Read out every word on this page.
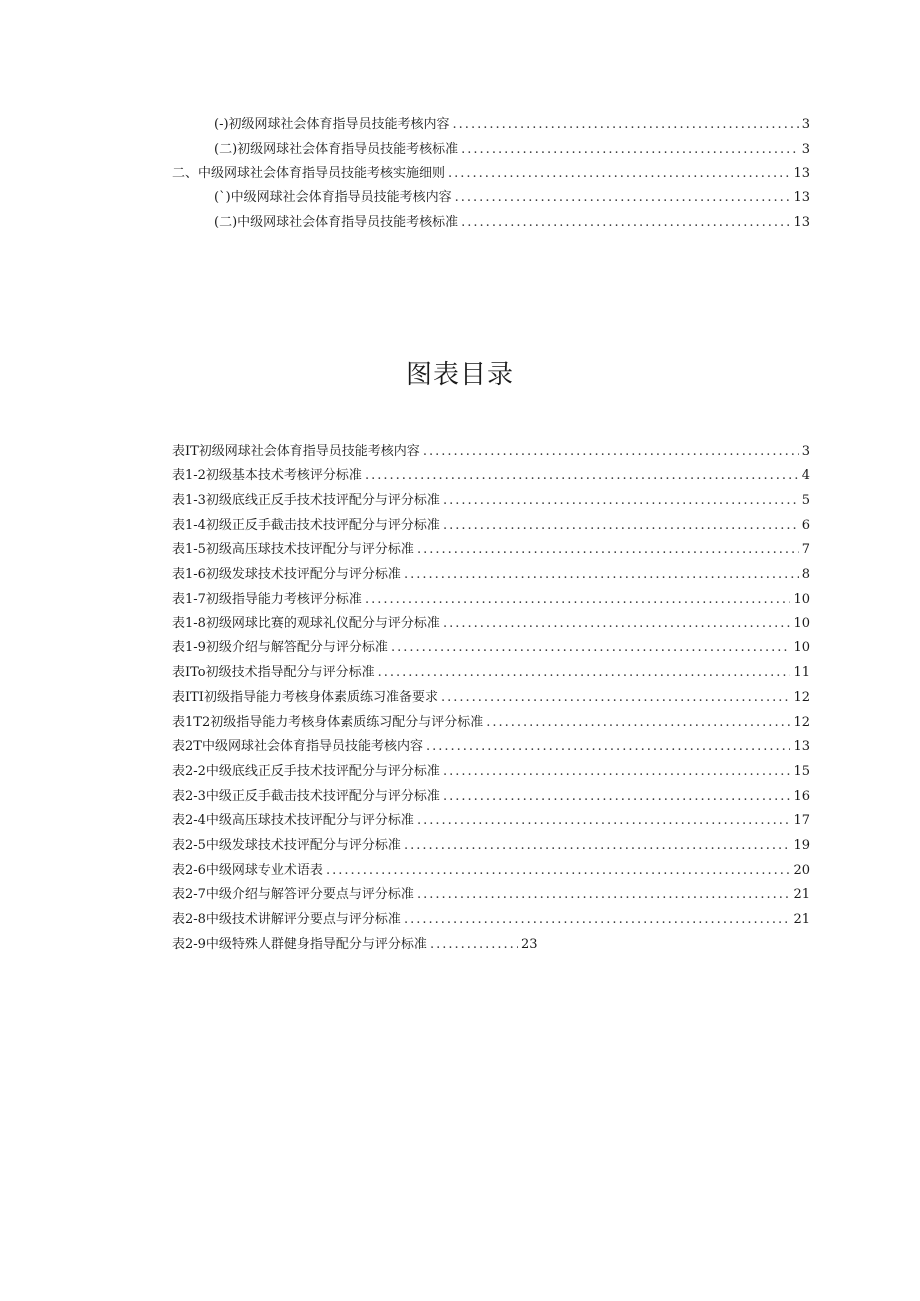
(-)初级网球社会体育指导员技能考核内容 .....	3
(二)初级网球社会体育指导员技能考核标准 .....	3
二、中级网球社会体育指导员技能考核实施细则 .....	13
(`)中级网球社会体育指导员技能考核内容 .....	13
(二)中级网球社会体育指导员技能考核标准 .....	13
图表目录
表IT初级网球社会体育指导员技能考核内容 .....	3
表1-2初级基本技术考核评分标准 .....	4
表1-3初级底线正反手技术技评配分与评分标准 .....	5
表1-4初级正反手截击技术技评配分与评分标准 .....	6
表1-5初级高压球技术技评配分与评分标准 .....	7
表1-6初级发球技术技评配分与评分标准 .....	8
表1-7初级指导能力考核评分标准 .....	10
表1-8初级网球比赛的观球礼仪配分与评分标准 .....	10
表1-9初级介绍与解答配分与评分标准 .....	10
表ITo初级技术指导配分与评分标准 .....	11
表ITI初级指导能力考核身体素质练习准备要求 .....	12
表1T2初级指导能力考核身体素质练习配分与评分标准 .....	12
表2T中级网球社会体育指导员技能考核内容 .....	13
表2-2中级底线正反手技术技评配分与评分标准 .....	15
表2-3中级正反手截击技术技评配分与评分标准 .....	16
表2-4中级高压球技术技评配分与评分标准 .....	17
表2-5中级发球技术技评配分与评分标准 .....	19
表2-6中级网球专业术语表 .....	20
表2-7中级介绍与解答评分要点与评分标准 .....	21
表2-8中级技术讲解评分要点与评分标准 .....	21
表2-9中级特殊人群健身指导配分与评分标准 .....	23
